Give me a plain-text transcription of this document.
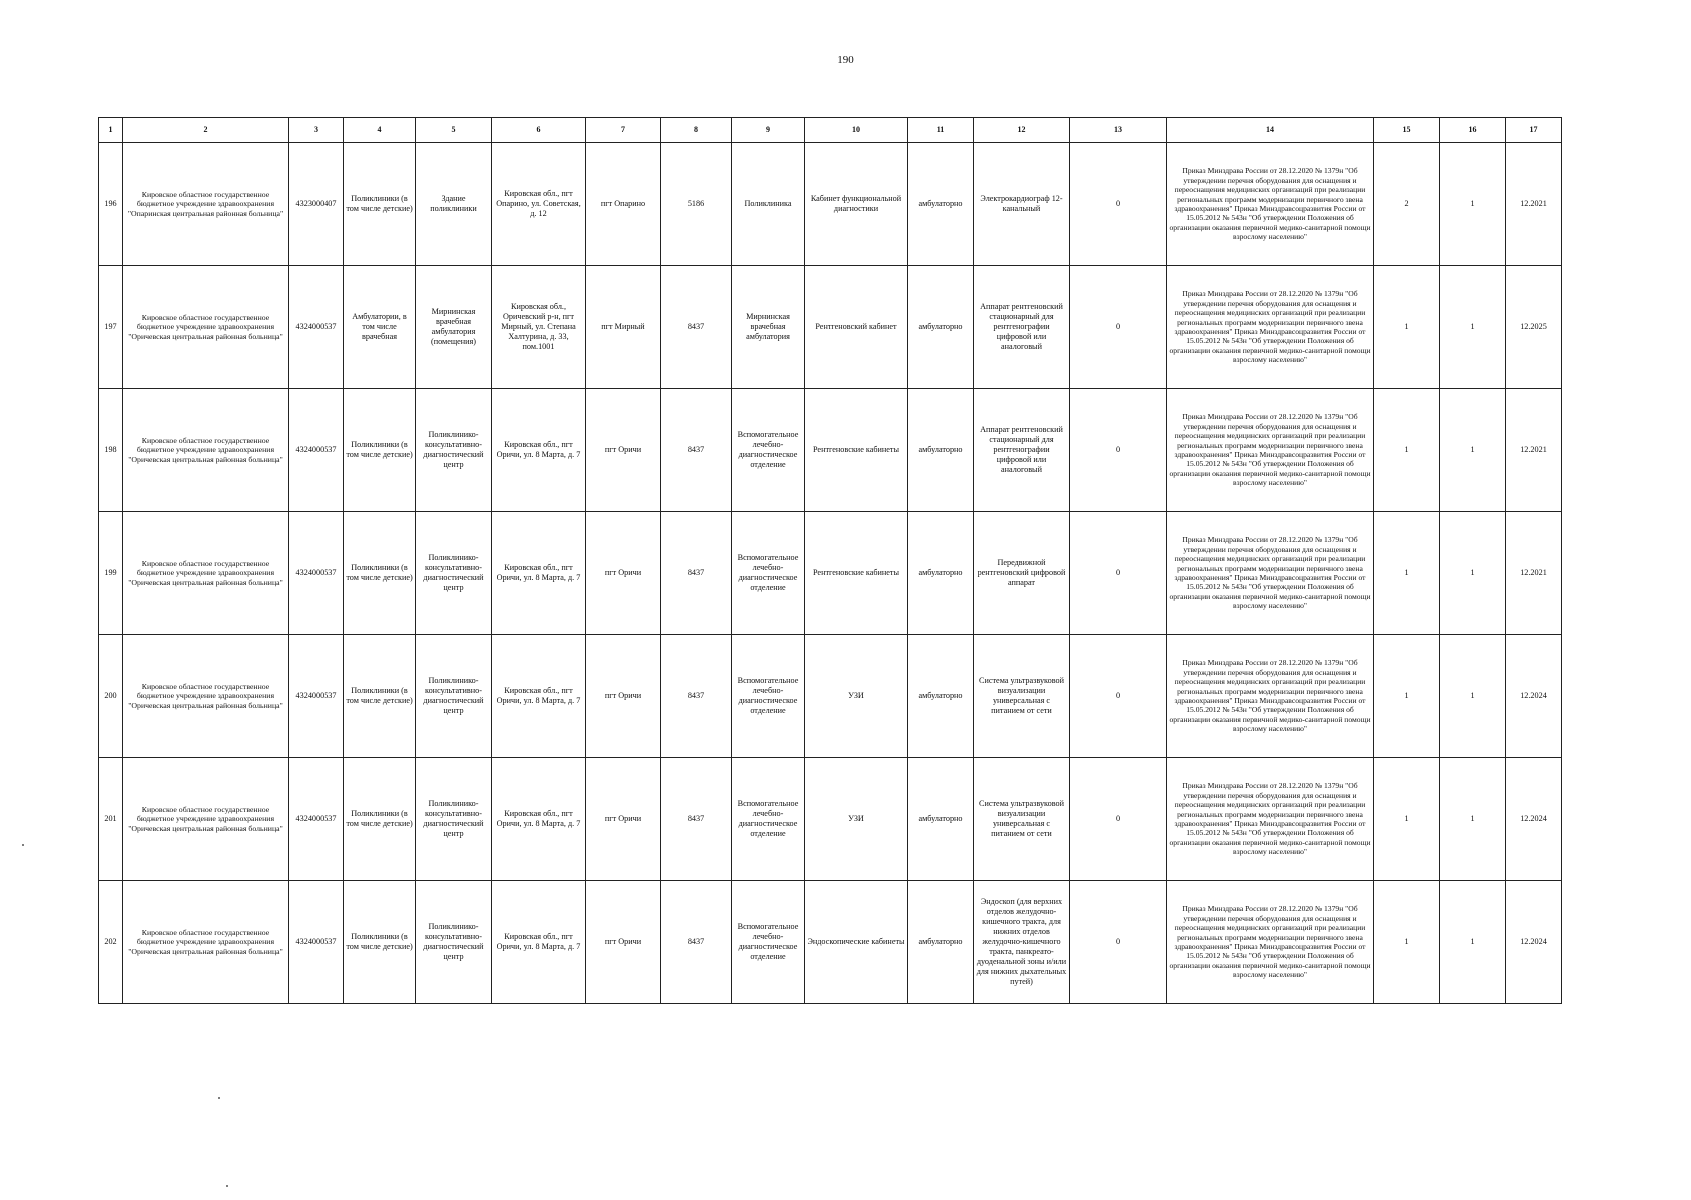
190
1	2	3	4	5	6	7	8	9	10	11	12	13	14	15	16	17
196	Кировское областное государственное бюджетное учреждение здравоохранения "Опаринская центральная районная больница"	4323000407	Поликлиники (в том числе детские)	Здание поликлиники	Кировская обл., пгт Опарино, ул. Советская, д. 12	пгт Опарино	5186	Поликлиника	Кабинет функциональной диагностики	амбулаторно	Электрокардиограф 12-канальный	0	Приказ Минздрава России от 28.12.2020 № 1379н "Об утверждении перечня оборудования для оснащения и переоснащения медицинских организаций при реализации региональных программ модернизации первичного звена здравоохранения" Приказ Минздравсоцразвития России от 15.05.2012 № 543н "Об утверждении Положения об организации оказания первичной медико-санитарной помощи взрослому населению"	2	1	12.2021
197	Кировское областное государственное бюджетное учреждение здравоохранения "Оричевская центральная районная больница"	4324000537	Амбулатории, в том числе врачебная	Мирнинская врачебная амбулатория (помещения)	Кировская обл., Оричевский р-н, пгт Мирный, ул. Степана Халтурина, д. 33, пом.1001	пгт Мирный	8437	Мирнинская врачебная амбулатория	Рентгеновский кабинет	амбулаторно	Аппарат рентгеновский стационарный для рентгенографии цифровой или аналоговый	0	Приказ Минздрава России от 28.12.2020 № 1379н "Об утверждении перечня оборудования для оснащения и переоснащения медицинских организаций при реализации региональных программ модернизации первичного звена здравоохранения" Приказ Минздравсоцразвития России от 15.05.2012 № 543н "Об утверждении Положения об организации оказания первичной медико-санитарной помощи взрослому населению"	1	1	12.2025
198	Кировское областное государственное бюджетное учреждение здравоохранения "Оричевская центральная районная больница"	4324000537	Поликлиники (в том числе детские)	Поликлинико-консультативно-диагностический центр	Кировская обл., пгт Оричи, ул. 8 Марта, д. 7	пгт Оричи	8437	Вспомогательное лечебно-диагностическое отделение	Рентгеновские кабинеты	амбулаторно	Аппарат рентгеновский стационарный для рентгенографии цифровой или аналоговый	0	Приказ Минздрава России от 28.12.2020 № 1379н "Об утверждении перечня оборудования для оснащения и переоснащения медицинских организаций при реализации региональных программ модернизации первичного звена здравоохранения" Приказ Минздравсоцразвития России от 15.05.2012 № 543н "Об утверждении Положения об организации оказания первичной медико-санитарной помощи взрослому населению"	1	1	12.2021
199	Кировское областное государственное бюджетное учреждение здравоохранения "Оричевская центральная районная больница"	4324000537	Поликлиники (в том числе детские)	Поликлинико-консультативно-диагностический центр	Кировская обл., пгт Оричи, ул. 8 Марта, д. 7	пгт Оричи	8437	Вспомогательное лечебно-диагностическое отделение	Рентгеновские кабинеты	амбулаторно	Передвижной рентгеновский цифровой аппарат	0	Приказ Минздрава России от 28.12.2020 № 1379н "Об утверждении перечня оборудования для оснащения и переоснащения медицинских организаций при реализации региональных программ модернизации первичного звена здравоохранения" Приказ Минздравсоцразвития России от 15.05.2012 № 543н "Об утверждении Положения об организации оказания первичной медико-санитарной помощи взрослому населению"	1	1	12.2021
200	Кировское областное государственное бюджетное учреждение здравоохранения "Оричевская центральная районная больница"	4324000537	Поликлиники (в том числе детские)	Поликлинико-консультативно-диагностический центр	Кировская обл., пгт Оричи, ул. 8 Марта, д. 7	пгт Оричи	8437	Вспомогательное лечебно-диагностическое отделение	УЗИ	амбулаторно	Система ультразвуковой визуализации универсальная с питанием от сети	0	Приказ Минздрава России от 28.12.2020 № 1379н "Об утверждении перечня оборудования для оснащения и переоснащения медицинских организаций при реализации региональных программ модернизации первичного звена здравоохранения" Приказ Минздравсоцразвития России от 15.05.2012 № 543н "Об утверждении Положения об организации оказания первичной медико-санитарной помощи взрослому населению"	1	1	12.2024
201	Кировское областное государственное бюджетное учреждение здравоохранения "Оричевская центральная районная больница"	4324000537	Поликлиники (в том числе детские)	Поликлинико-консультативно-диагностический центр	Кировская обл., пгт Оричи, ул. 8 Марта, д. 7	пгт Оричи	8437	Вспомогательное лечебно-диагностическое отделение	УЗИ	амбулаторно	Система ультразвуковой визуализации универсальная с питанием от сети	0	Приказ Минздрава России от 28.12.2020 № 1379н "Об утверждении перечня оборудования для оснащения и переоснащения медицинских организаций при реализации региональных программ модернизации первичного звена здравоохранения" Приказ Минздравсоцразвития России от 15.05.2012 № 543н "Об утверждении Положения об организации оказания первичной медико-санитарной помощи взрослому населению"	1	1	12.2024
202	Кировское областное государственное бюджетное учреждение здравоохранения "Оричевская центральная районная больница"	4324000537	Поликлиники (в том числе детские)	Поликлинико-консультативно-диагностический центр	Кировская обл., пгт Оричи, ул. 8 Марта, д. 7	пгт Оричи	8437	Вспомогательное лечебно-диагностическое отделение	Эндоскопические кабинеты	амбулаторно	Эндоскоп (для верхних отделов желудочно-кишечного тракта, для нижних отделов желудочно-кишечного тракта, панкреато-дуоденальной зоны и/или для нижних дыхательных путей)	0	Приказ Минздрава России от 28.12.2020 № 1379н "Об утверждении перечня оборудования для оснащения и переоснащения медицинских организаций при реализации региональных программ модернизации первичного звена здравоохранения" Приказ Минздравсоцразвития России от 15.05.2012 № 543н "Об утверждении Положения об организации оказания первичной медико-санитарной помощи взрослому населению"	1	1	12.2024
